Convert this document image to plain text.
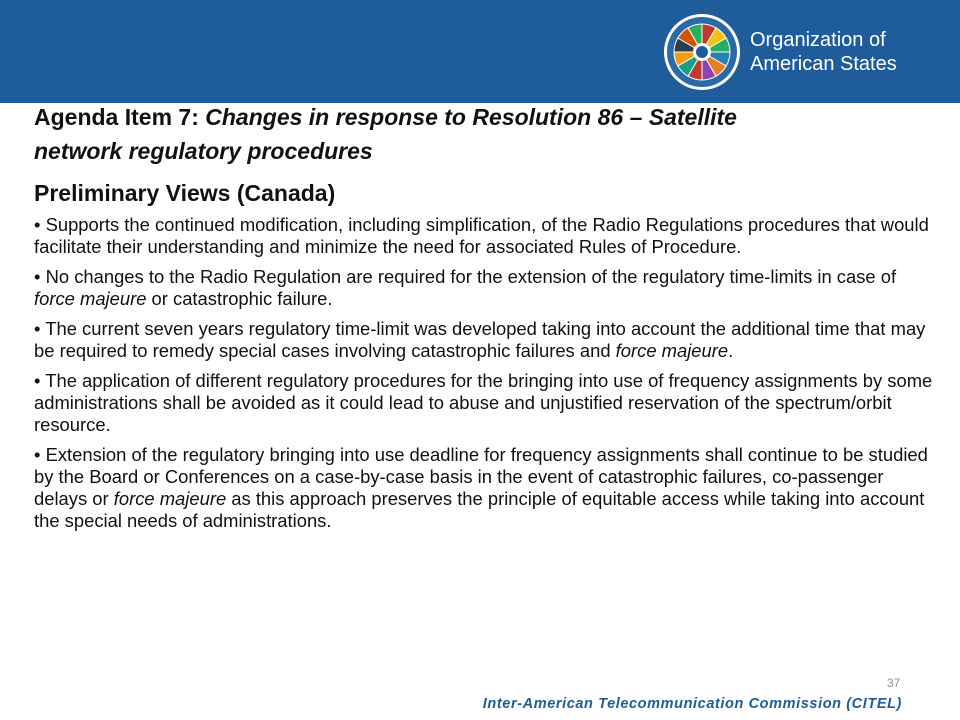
Organization of
American States

Agenda Item 7: Changes in response to Resolution 86 – Satellite
network regulatory procedures

Preliminary Views (Canada)

• Supports the continued modification, including simplification, of the Radio Regulations procedures that would facilitate their understanding and minimize the need for associated Rules of Procedure.

• No changes to the Radio Regulation are required for the extension of the regulatory time-limits in case of force majeure or catastrophic failure.

• The current seven years regulatory time-limit was developed taking into account the additional time that may be required to remedy special cases involving catastrophic failures and force majeure.

• The application of different regulatory procedures for the bringing into use of frequency assignments by some administrations shall be avoided as it could lead to abuse and unjustified reservation of the spectrum/orbit resource.

• Extension of the regulatory bringing into use deadline for frequency assignments shall continue to be studied by the Board or Conferences on a case-by-case basis in the event of catastrophic failures, co-passenger delays or force majeure as this approach preserves the principle of equitable access while taking into account the special needs of administrations.

37
Inter-American Telecommunication Commission (CITEL)
